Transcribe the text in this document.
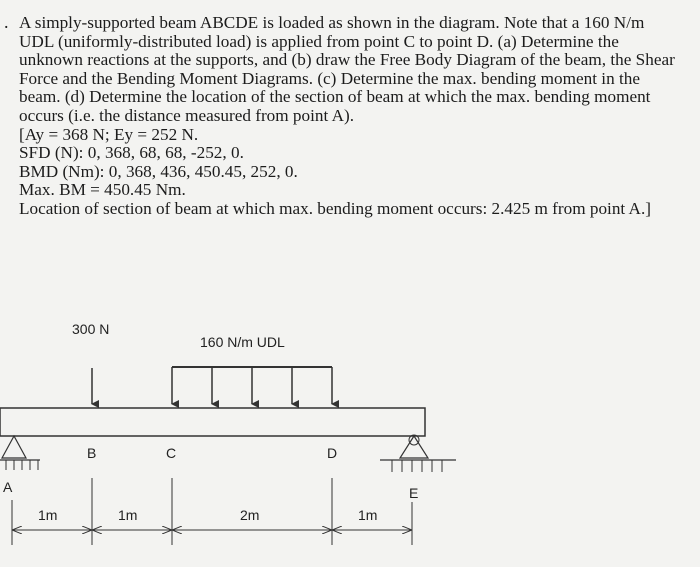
. A simply-supported beam ABCDE is loaded as shown in the diagram. Note that a 160 N/m UDL (uniformly-distributed load) is applied from point C to point D. (a) Determine the unknown reactions at the supports, and (b) draw the Free Body Diagram of the beam, the Shear Force and the Bending Moment Diagrams. (c) Determine the max. bending moment in the beam. (d) Determine the location of the section of beam at which the max. bending moment occurs (i.e. the distance measured from point A).

[Ay = 368 N; Ey = 252 N.
SFD (N): 0, 368, 68, 68, -252, 0.
BMD (Nm): 0, 368, 436, 450.45, 252, 0.
Max. BM = 450.45 Nm.
Location of section of beam at which max. bending moment occurs: 2.425 m from point A.]
300 N
160 N/m UDL
A
B	C	D
E
1m	1m	2m	1m
